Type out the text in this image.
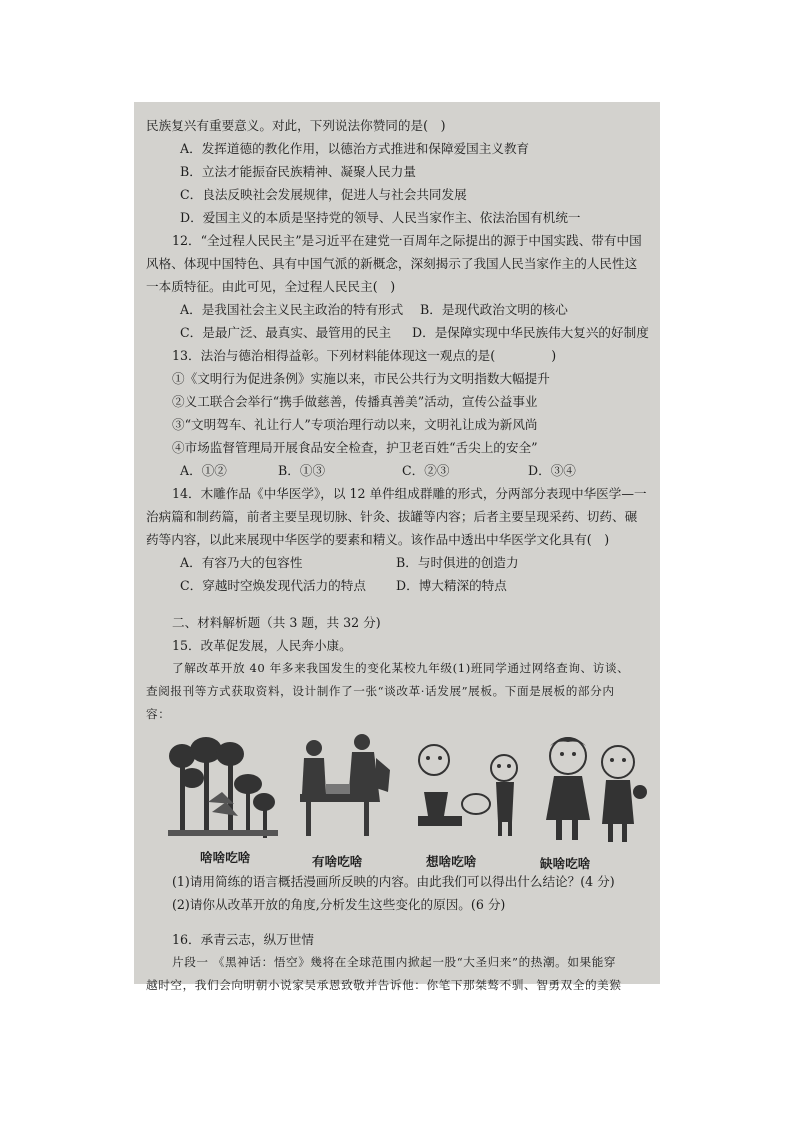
民族复兴有重要意义。对此，下列说法你赞同的是(　)
A．发挥道德的教化作用，以德治方式推进和保障爱国主义教育
B．立法才能振奋民族精神、凝聚人民力量
C．良法反映社会发展规律，促进人与社会共同发展
D．爱国主义的本质是坚持党的领导、人民当家作主、依法治国有机统一
12．“全过程人民民主”是习近平在建党一百周年之际提出的源于中国实践、带有中国
风格、体现中国特色、具有中国气派的新概念，深刻揭示了我国人民当家作主的人民性这
一本质特征。由此可见，全过程人民民主(　)
A．是我国社会主义民主政治的特有形式	B．是现代政治文明的核心
C．是最广泛、最真实、最管用的民主	D．是保障实现中华民族伟大复兴的好制度
13．法治与德治相得益彰。下列材料能体现这一观点的是(	)
①《文明行为促进条例》实施以来，市民公共行为文明指数大幅提升
②义工联合会举行“携手做慈善，传播真善美”活动，宣传公益事业
③“文明驾车、礼让行人”专项治理行动以来，文明礼让成为新风尚
④市场监督管理局开展食品安全检查，护卫老百姓“舌尖上的安全”
A．①②	B．①③	C．②③	D．③④
14．木雕作品《中华医学》，以 12 单件组成群雕的形式，分两部分表现中华医学—一
治病篇和制药篇，前者主要呈现切脉、针灸、拔罐等内容；后者主要呈现采药、切药、碾
药等内容，以此来展现中华医学的要素和精义。该作品中透出中华医学文化具有(　)
A．有容乃大的包容性	B．与时俱进的创造力
C．穿越时空焕发现代活力的特点	D．博大精深的特点
二、材料解析题（共 3 题，共 32 分)
15．改革促发展，人民奔小康。
了解改革开放 40 年多来我国发生的变化某校九年级(1)班同学通过网络查询、访谈、
查阅报刊等方式获取资料，设计制作了一张“谈改革·话发展”展板。下面是展板的部分内
容：
啥啥吃啥	有啥吃啥	想啥吃啥	缺啥吃啥
(1)请用简练的语言概括漫画所反映的内容。由此我们可以得出什么结论？(4 分)
(2)请你从改革开放的角度,分析发生这些变化的原因。(6 分)
16．承青云志，纵万世情
片段一 《黑神话：悟空》幾将在全球范围内掀起一股“大圣归来”的热潮。如果能穿
越时空，我们会向明朝小说家吴承恩致敬并告诉他：你笔下那桀骜不驯、智勇双全的美猴
